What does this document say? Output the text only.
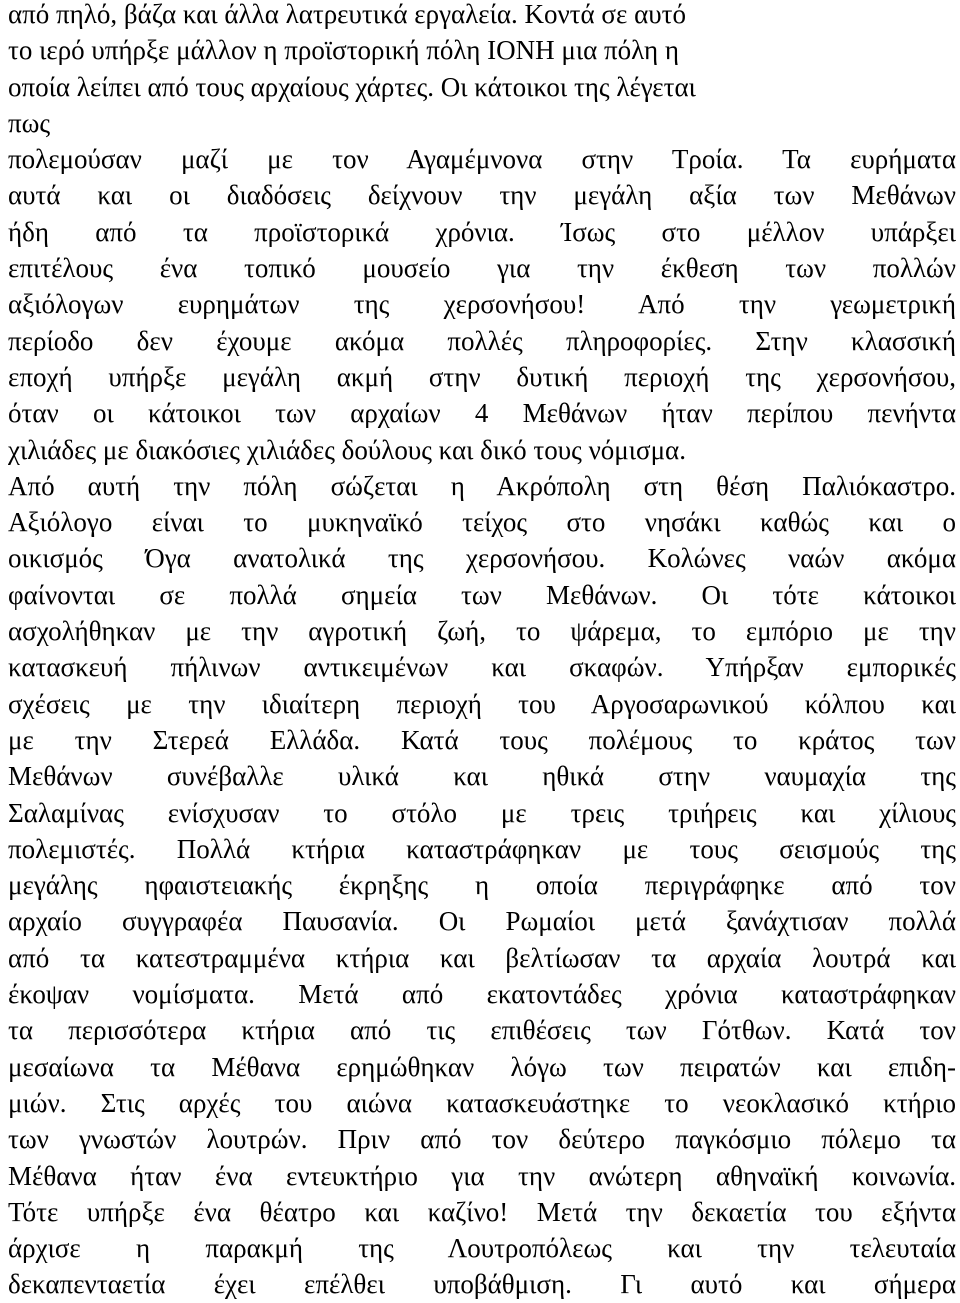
από πηλό, βάζα και άλλα λατρευτικά εργαλεία. Κοντά σε αυτό
το ιερό υπήρξε μάλλον η προϊστορική πόλη ΙΟΝΗ μια πόλη η
οποία λείπει από τους αρχαίους χάρτες. Οι κάτοικοι της λέγεται
πως
πολεμούσαν μαζί με τον Αγαμέμνονα στην Τροία. Τα ευρήματα
αυτά και οι διαδόσεις δείχνουν την μεγάλη αξία των Μεθάνων
ήδη από τα προϊστορικά χρόνια. Ίσως στο μέλλον υπάρξει
επιτέλους ένα τοπικό μουσείο για την έκθεση των πολλών
αξιόλογων ευρημάτων της χερσονήσου! Από την γεωμετρική
περίοδο δεν έχουμε ακόμα πολλές πληροφορίες. Στην κλασσική
εποχή υπήρξε μεγάλη ακμή στην δυτική περιοχή της χερσονήσου,
όταν οι κάτοικοι των αρχαίων 4 Μεθάνων ήταν περίπου πενήντα
χιλιάδες με διακόσιες χιλιάδες δούλους και δικό τους νόμισμα.
Από αυτή την πόλη σώζεται η Ακρόπολη στη θέση Παλιόκαστρο.
Αξιόλογο είναι το μυκηναϊκό τείχος στο νησάκι καθώς και ο
οικισμός Όγα ανατολικά της χερσονήσου. Κολώνες ναών ακόμα
φαίνονται σε πολλά σημεία των Μεθάνων. Οι τότε κάτοικοι
ασχολήθηκαν με την αγροτική ζωή, το ψάρεμα, το εμπόριο με την
κατασκευή πήλινων αντικειμένων και σκαφών. Υπήρξαν εμπορικές
σχέσεις με την ιδιαίτερη περιοχή του Αργοσαρωνικού κόλπου και
με την Στερεά Ελλάδα. Κατά τους πολέμους το κράτος των
Μεθάνων συνέβαλλε υλικά και ηθικά στην ναυμαχία της
Σαλαμίνας ενίσχυσαν το στόλο με τρεις τριήρεις και χίλιους
πολεμιστές. Πολλά κτήρια καταστράφηκαν με τους σεισμούς της
μεγάλης ηφαιστειακής έκρηξης η οποία περιγράφηκε από τον
αρχαίο συγγραφέα Παυσανία. Οι Ρωμαίοι μετά ξανάχτισαν πολλά
από τα κατεστραμμένα κτήρια και βελτίωσαν τα αρχαία λουτρά και
έκοψαν νομίσματα. Μετά από εκατοντάδες χρόνια καταστράφηκαν
τα περισσότερα κτήρια από τις επιθέσεις των Γότθων. Κατά τον
μεσαίωνα τα Μέθανα ερημώθηκαν λόγω των πειρατών και επιδη-
μιών. Στις αρχές του αιώνα κατασκευάστηκε το νεοκλασικό κτήριο
των γνωστών λουτρών. Πριν από τον δεύτερο παγκόσμιο πόλεμο τα
Μέθανα ήταν ένα εντευκτήριο για την ανώτερη αθηναϊκή κοινωνία.
Τότε υπήρξε ένα θέατρο και καζίνο! Μετά την δεκαετία του εξήντα
άρχισε η παρακμή της Λουτροπόλεως και την τελευταία
δεκαπενταετία έχει επέλθει υποβάθμιση. Γι αυτό και σήμερα
